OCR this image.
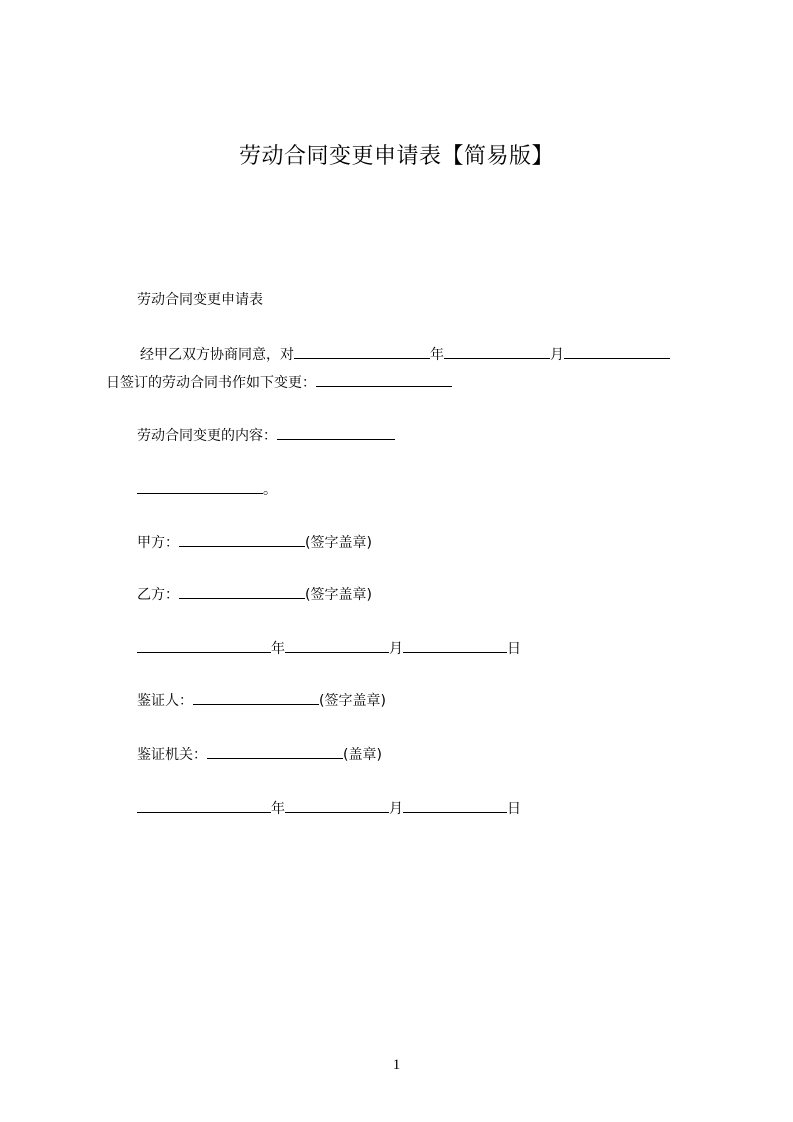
劳动合同变更申请表【简易版】
劳动合同变更申请表
经甲乙双方协商同意，对	年	月
日签订的劳动合同书作如下变更：
劳动合同变更的内容：
。
甲方：	(签字盖章)
乙方：	(签字盖章)
年	月	日
鉴证人：	(签字盖章)
鉴证机关：	(盖章)
年	月	日
1
